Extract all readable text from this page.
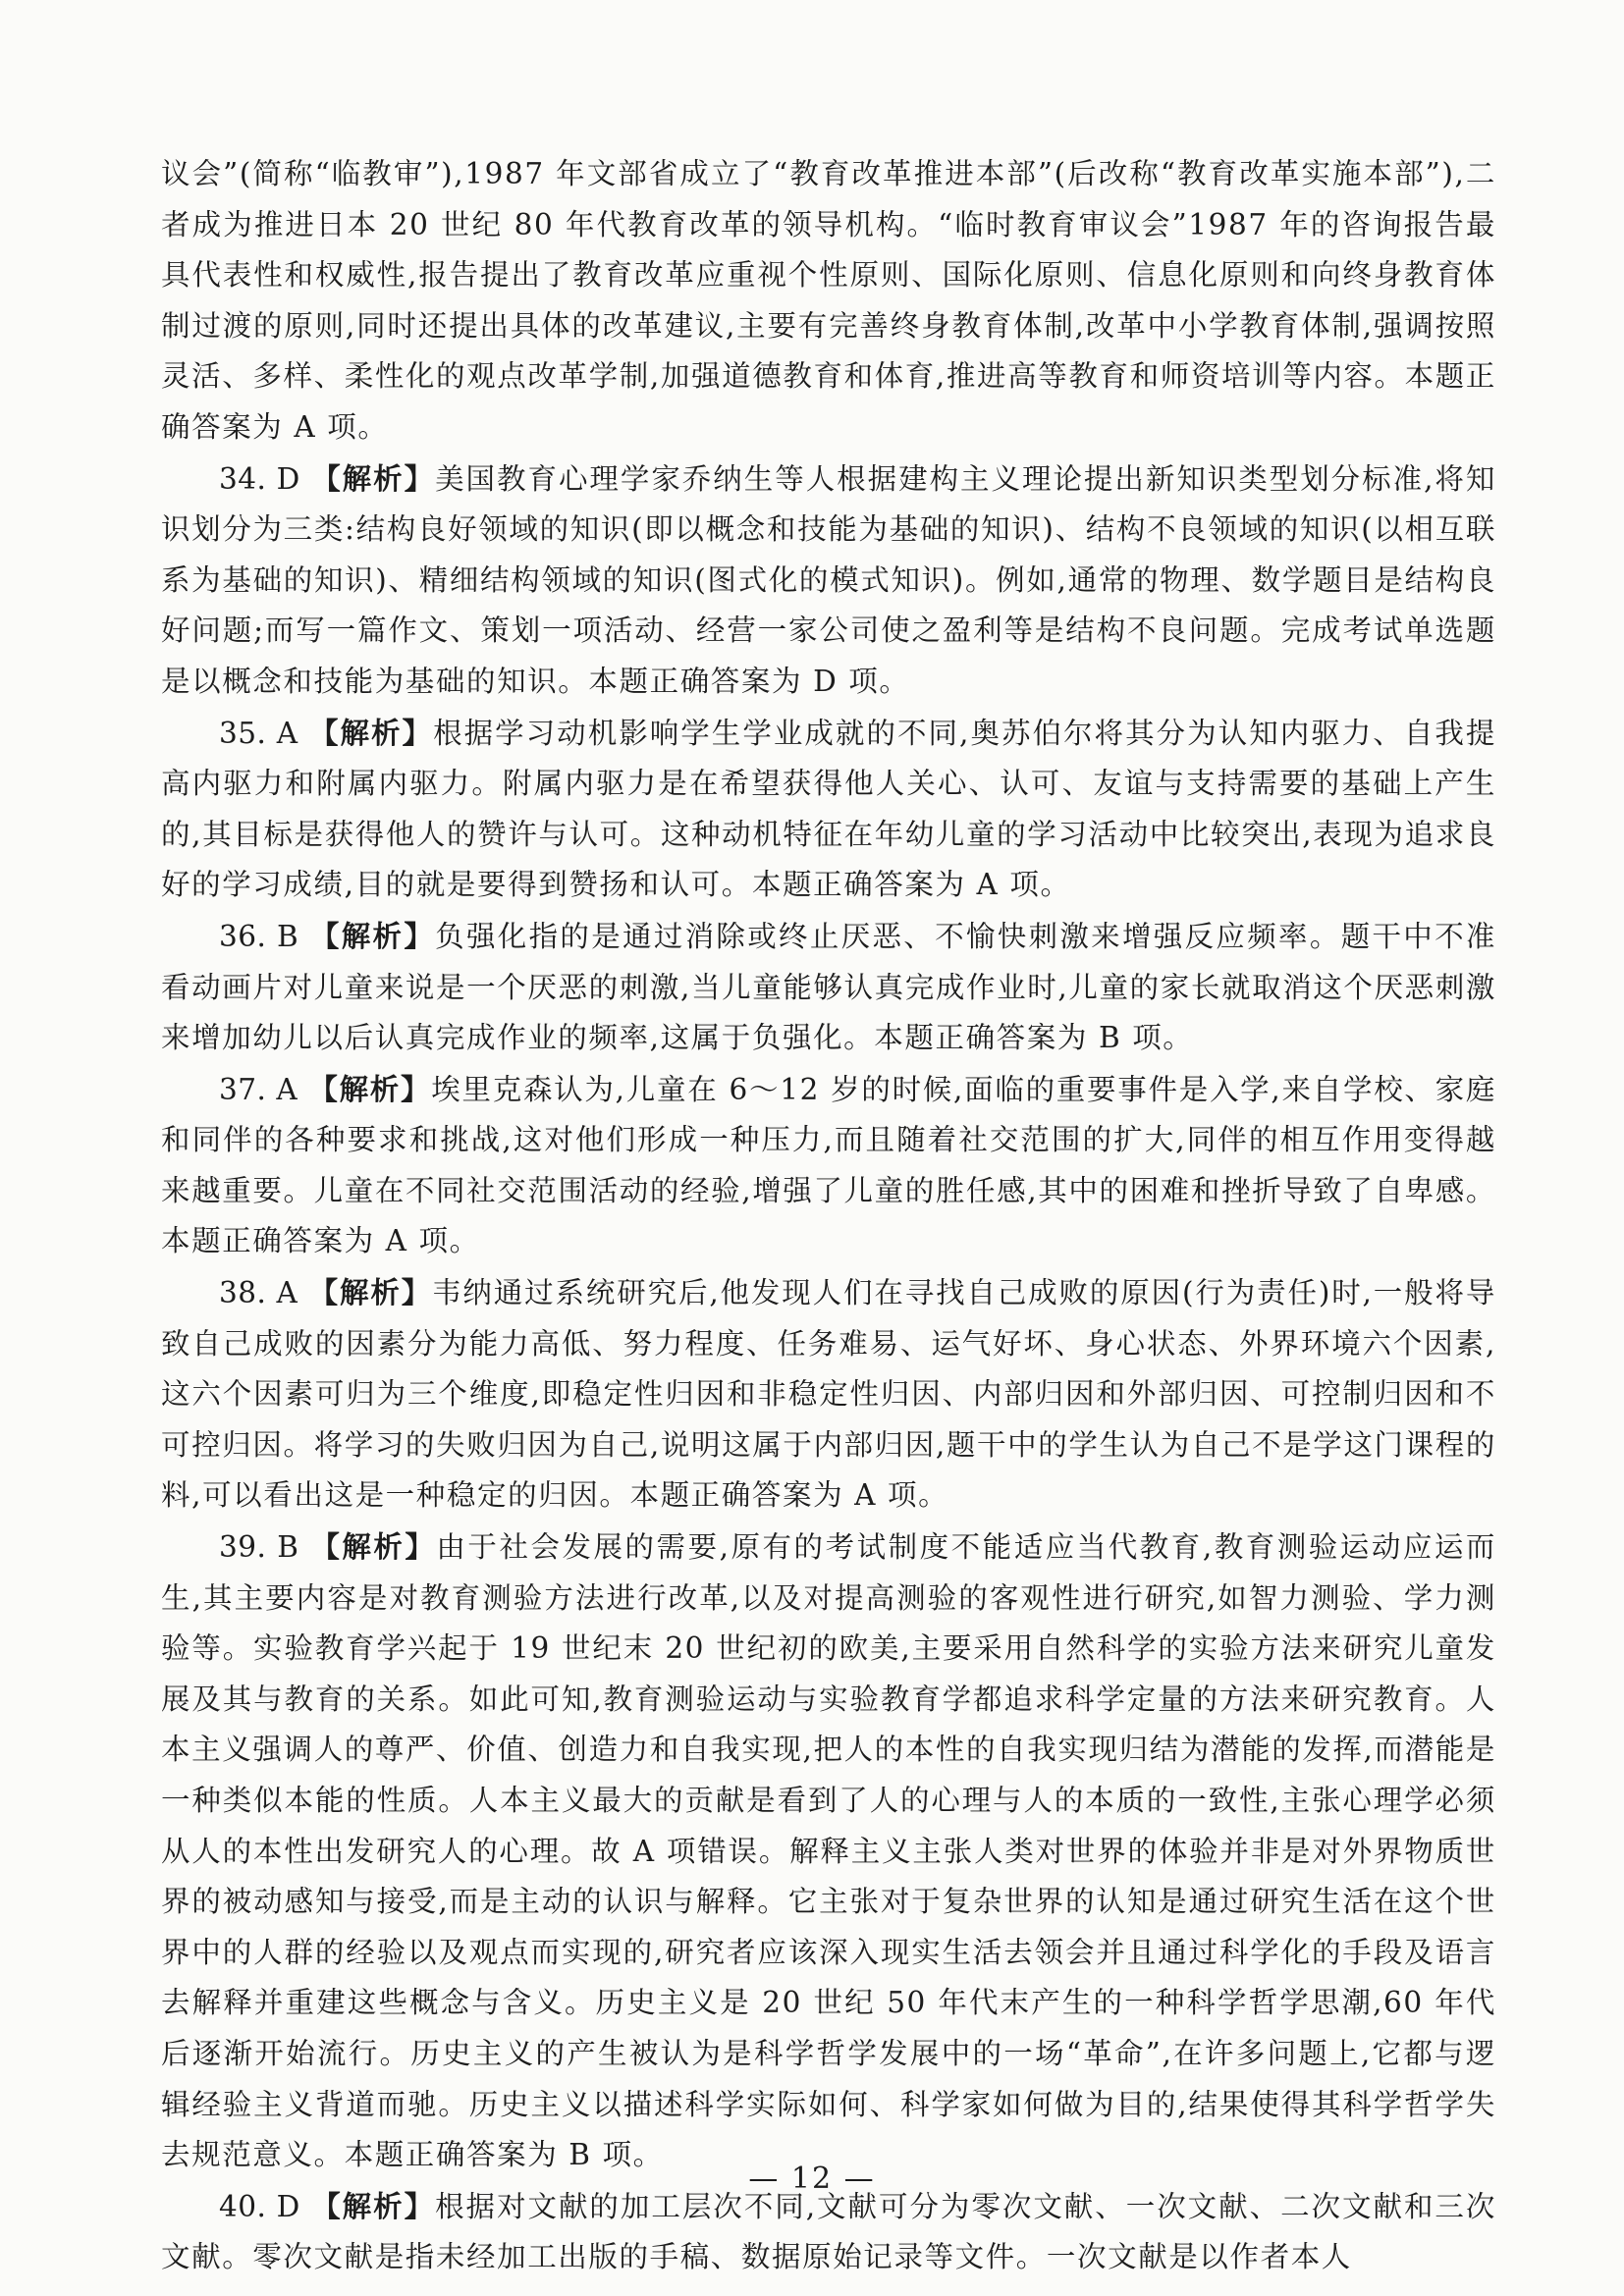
议会”(简称“临教审”),1987 年文部省成立了“教育改革推进本部”(后改称“教育改革实施本部”),二者成为推进日本 20 世纪 80 年代教育改革的领导机构。“临时教育审议会”1987 年的咨询报告最具代表性和权威性,报告提出了教育改革应重视个性原则、国际化原则、信息化原则和向终身教育体制过渡的原则,同时还提出具体的改革建议,主要有完善终身教育体制,改革中小学教育体制,强调按照灵活、多样、柔性化的观点改革学制,加强道德教育和体育,推进高等教育和师资培训等内容。本题正确答案为 A 项。

34. D 【解析】美国教育心理学家乔纳生等人根据建构主义理论提出新知识类型划分标准,将知识划分为三类:结构良好领域的知识(即以概念和技能为基础的知识)、结构不良领域的知识(以相互联系为基础的知识)、精细结构领域的知识(图式化的模式知识)。例如,通常的物理、数学题目是结构良好问题;而写一篇作文、策划一项活动、经营一家公司使之盈利等是结构不良问题。完成考试单选题是以概念和技能为基础的知识。本题正确答案为 D 项。

35. A 【解析】根据学习动机影响学生学业成就的不同,奥苏伯尔将其分为认知内驱力、自我提高内驱力和附属内驱力。附属内驱力是在希望获得他人关心、认可、友谊与支持需要的基础上产生的,其目标是获得他人的赞许与认可。这种动机特征在年幼儿童的学习活动中比较突出,表现为追求良好的学习成绩,目的就是要得到赞扬和认可。本题正确答案为 A 项。

36. B 【解析】负强化指的是通过消除或终止厌恶、不愉快刺激来增强反应频率。题干中不准看动画片对儿童来说是一个厌恶的刺激,当儿童能够认真完成作业时,儿童的家长就取消这个厌恶刺激来增加幼儿以后认真完成作业的频率,这属于负强化。本题正确答案为 B 项。

37. A 【解析】埃里克森认为,儿童在 6～12 岁的时候,面临的重要事件是入学,来自学校、家庭和同伴的各种要求和挑战,这对他们形成一种压力,而且随着社交范围的扩大,同伴的相互作用变得越来越重要。儿童在不同社交范围活动的经验,增强了儿童的胜任感,其中的困难和挫折导致了自卑感。本题正确答案为 A 项。

38. A 【解析】韦纳通过系统研究后,他发现人们在寻找自己成败的原因(行为责任)时,一般将导致自己成败的因素分为能力高低、努力程度、任务难易、运气好坏、身心状态、外界环境六个因素,这六个因素可归为三个维度,即稳定性归因和非稳定性归因、内部归因和外部归因、可控制归因和不可控归因。将学习的失败归因为自己,说明这属于内部归因,题干中的学生认为自己不是学这门课程的料,可以看出这是一种稳定的归因。本题正确答案为 A 项。

39. B 【解析】由于社会发展的需要,原有的考试制度不能适应当代教育,教育测验运动应运而生,其主要内容是对教育测验方法进行改革,以及对提高测验的客观性进行研究,如智力测验、学力测验等。实验教育学兴起于 19 世纪末 20 世纪初的欧美,主要采用自然科学的实验方法来研究儿童发展及其与教育的关系。如此可知,教育测验运动与实验教育学都追求科学定量的方法来研究教育。人本主义强调人的尊严、价值、创造力和自我实现,把人的本性的自我实现归结为潜能的发挥,而潜能是一种类似本能的性质。人本主义最大的贡献是看到了人的心理与人的本质的一致性,主张心理学必须从人的本性出发研究人的心理。故 A 项错误。解释主义主张人类对世界的体验并非是对外界物质世界的被动感知与接受,而是主动的认识与解释。它主张对于复杂世界的认知是通过研究生活在这个世界中的人群的经验以及观点而实现的,研究者应该深入现实生活去领会并且通过科学化的手段及语言去解释并重建这些概念与含义。历史主义是 20 世纪 50 年代末产生的一种科学哲学思潮,60 年代后逐渐开始流行。历史主义的产生被认为是科学哲学发展中的一场“革命”,在许多问题上,它都与逻辑经验主义背道而驰。历史主义以描述科学实际如何、科学家如何做为目的,结果使得其科学哲学失去规范意义。本题正确答案为 B 项。

40. D 【解析】根据对文献的加工层次不同,文献可分为零次文献、一次文献、二次文献和三次文献。零次文献是指未经加工出版的手稿、数据原始记录等文件。一次文献是以作者本人

— 12 —
